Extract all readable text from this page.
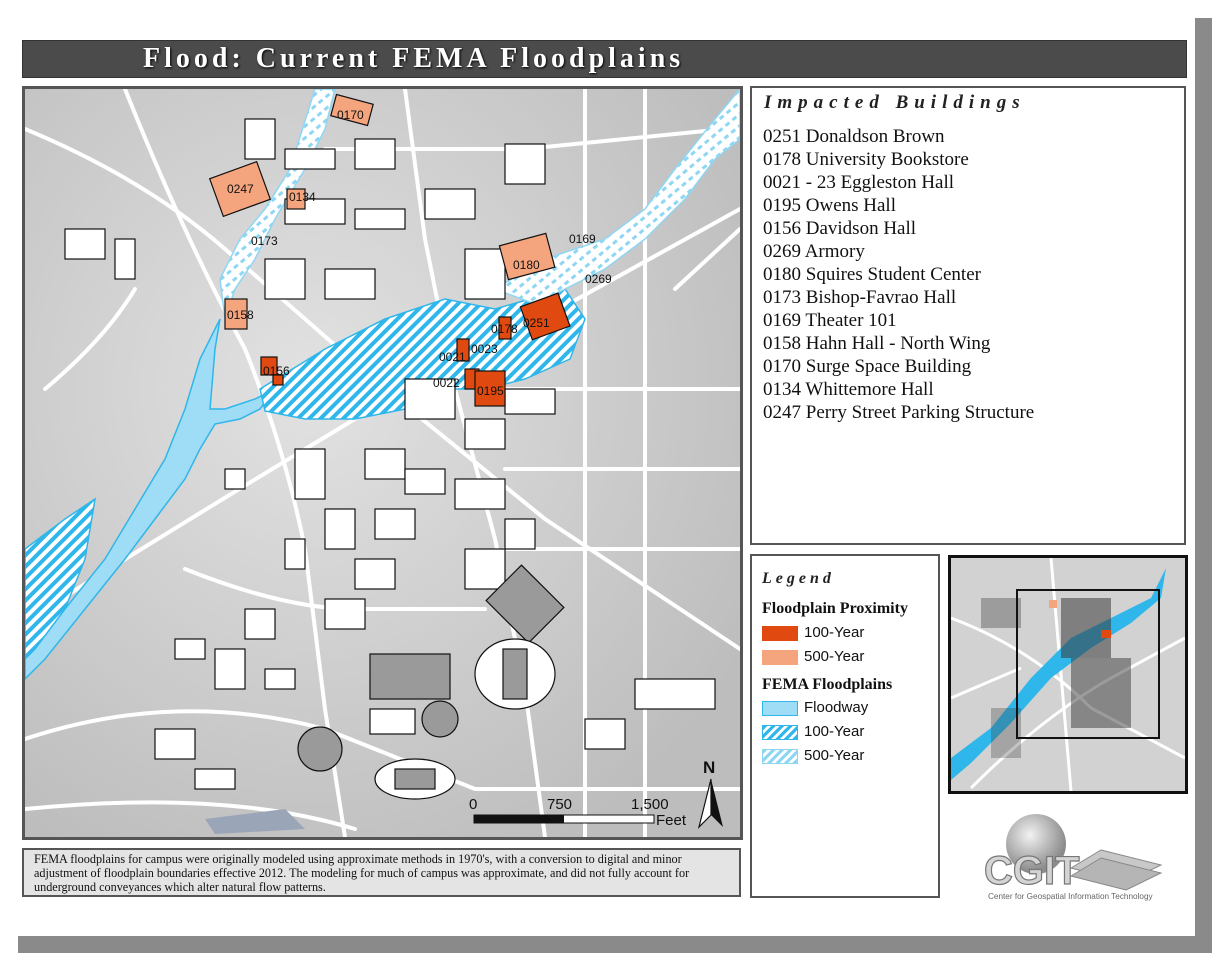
Flood: Current FEMA Floodplains
0170
0247
0134
0173	0169
0180
0269
0158
0178 0251
0021
0023
0156
0022
0195
0	750	1,500
Feet
N
Impacted Buildings
0251 Donaldson Brown
0178 University Bookstore
0021 - 23 Eggleston Hall
0195 Owens Hall
0156 Davidson Hall
0269 Armory
0180 Squires Student Center
0173 Bishop-Favrao Hall
0169 Theater 101
0158 Hahn Hall - North Wing
0170 Surge Space Building
0134 Whittemore Hall
0247 Perry Street Parking Structure
Legend
Floodplain Proximity
100-Year
500-Year
FEMA Floodplains
Floodway
100-Year
500-Year
CGIT
Center for Geospatial Information Technology
FEMA floodplains for campus were originally modeled using approximate methods in 1970's, with a conversion to digital and minor adjustment of floodplain boundaries effective 2012. The modeling for much of campus was approximate, and did not fully account for underground conveyances which alter natural flow patterns.
